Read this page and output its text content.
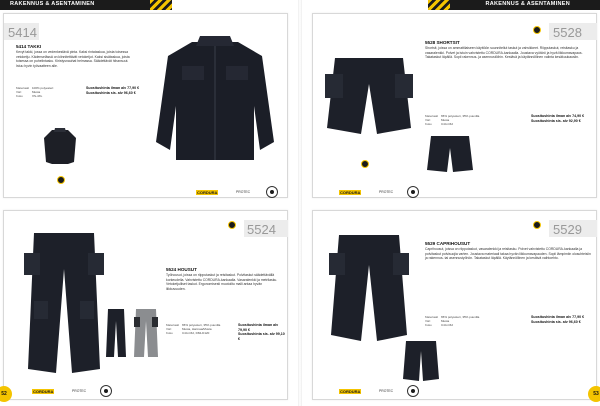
RAKENNUS & ASENTAMINEN
5414
5414 TAKKI
Kevyt takki, jossa on vedenkestävä pinta. Kaksi rintataskua, joista toisessa vetoketju. Kädenselässä on kiinnitettävät vetoketjut. Kaksi sisätaskua, joista toisessa on puhelintasku. Kiristysnauhat helmassa. Säädettävät hihansuut. Istuu hyvin työvaatteen alle.
Materiaali 100% polyesteri
Väri	Musta
Koko	XS-4XL
Suositushinta ilman alv 77,90 €
Suositushinta sis. alv 96,60 €
CORDURA	PROTEC
5524
5524 HOUSUT
Työhousut, joissa on riipputaskut ja reisitaskut. Polvitaskut säädettävällä korkeudella. Vahvistettu CORDURA-kankaalla. Vasaralenkki ja metrilasku. Vetoketjulliset taskut. Ergonomisesti muotoiltu malli antaa hyvän liikkuvuuden.
Materiaali 65% polyesteri, 35% puuvilla
Väri	Musta, Harmaa/Musta
Koko	C44-C62, D84-D120
Suositushinta ilman alv 79,90 €
Suositushinta sis. alv 99,10 €
CORDURA	PROTEC
52
RAKENNUS & ASENTAMINEN
5528
5528 SHORTSIT
Shortsit, joissa on ammattilaiseen käyttöön suunnitellut taskut ja vahvikkeet. Riipputaskut, reisitasku ja vasaralenkki. Polvet ja istuin vahvistettu CORDURA-kankaalla. Joustava vyötärö ja hyvä liikkumavapaus. Takataskut läpällä. Sopii rakennus- ja asennustöihin. Kestävä ja käytännöllinen valinta kesäkuukausiin.
Materiaali 65% polyesteri, 35% puuvilla
Väri	Musta
Koko	C44-C62
Suositushinta ilman alv 74,90 €
Suositushinta sis. alv 92,90 €
CORDURA	PROTEC
5529
5529 CAPRIHOUSUT
Caprihousut, joissa on riipputaskut, vasaralenkki ja reisitasku. Polvet vahvistettu CORDURA-kankaalla ja polvitaskut polvisuojia varten. Joustava materiaali takaa hyvän liikkumavapauden. Sopii lämpimiin olosuhteisiin ja rakennus- tai asennustyöhön. Takataskut läpällä. Käytännöllinen ja kestävä vaihtoehto.
Materiaali 65% polyesteri, 35% puuvilla
Väri	Musta
Koko	C44-C62
Suositushinta ilman alv 77,90 €
Suositushinta sis. alv 96,60 €
CORDURA	PROTEC	53
